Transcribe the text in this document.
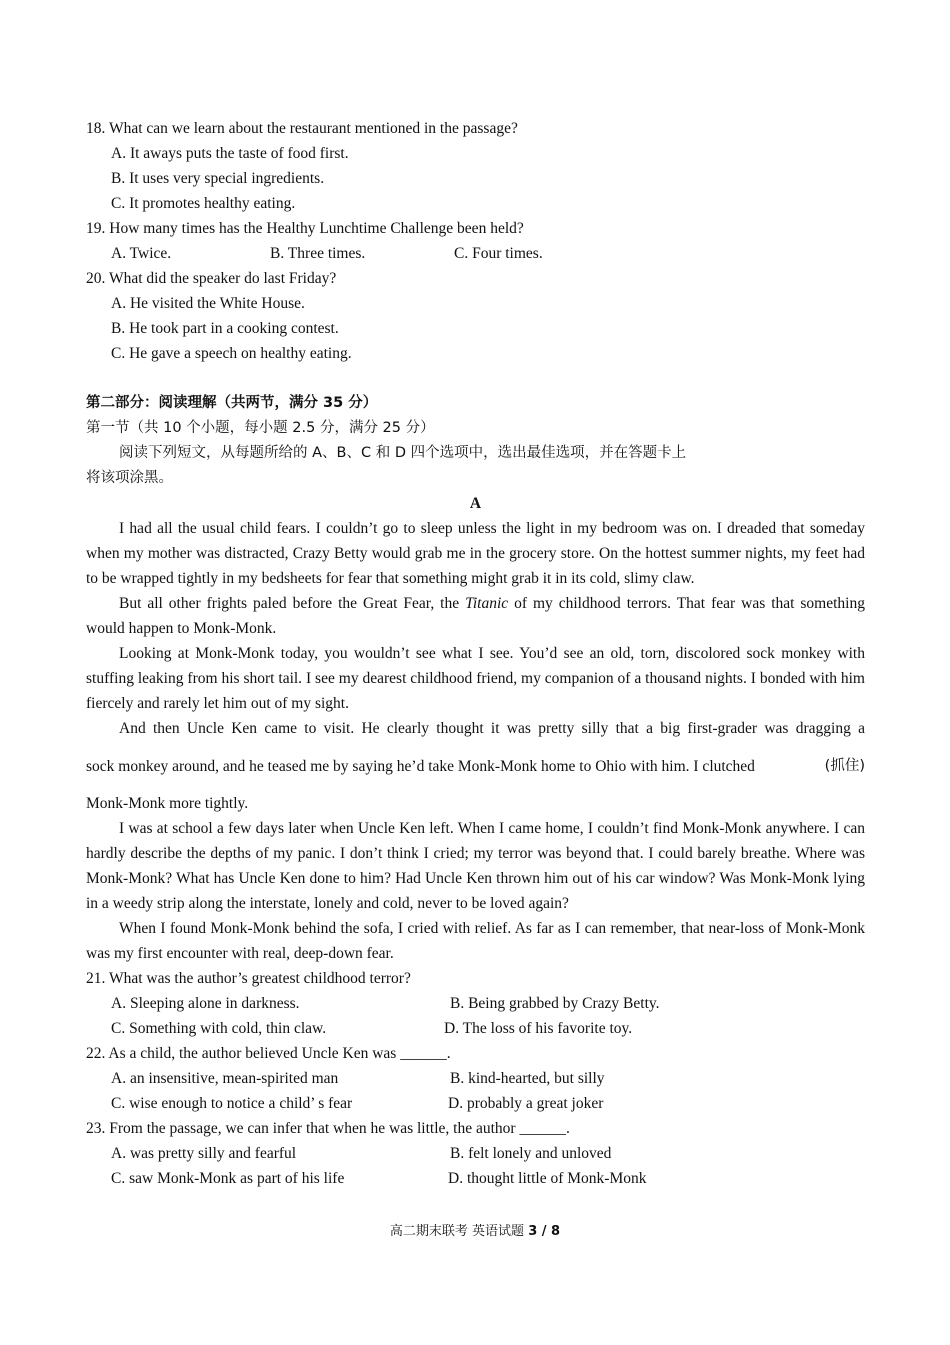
18. What can we learn about the restaurant mentioned in the passage?
A. It aways puts the taste of food first.
B. It uses very special ingredients.
C. It promotes healthy eating.
19. How many times has the Healthy Lunchtime Challenge been held?
A. Twice.	B. Three times.	C. Four times.
20. What did the speaker do last Friday?
A. He visited the White House.
B. He took part in a cooking contest.
C. He gave a speech on healthy eating.
第二部分：阅读理解（共两节，满分 35 分）
第一节（共 10 个小题，每小题 2.5 分，满分 25 分）
阅读下列短文，从每题所给的 A、B、C 和 D 四个选项中，选出最佳选项，并在答题卡上
将该项涂黑。
A
I had all the usual child fears. I couldn’t go to sleep unless the light in my bedroom was on. I dreaded that someday when my mother was distracted, Crazy Betty would grab me in the grocery store. On the hottest summer nights, my feet had to be wrapped tightly in my bedsheets for fear that something might grab it in its cold, slimy claw.
But all other frights paled before the Great Fear, the Titanic of my childhood terrors. That fear was that something would happen to Monk-Monk.
Looking at Monk-Monk today, you wouldn’t see what I see. You’d see an old, torn, discolored sock monkey with stuffing leaking from his short tail. I see my dearest childhood friend, my companion of a thousand nights. I bonded with him fiercely and rarely let him out of my sight.
And then Uncle Ken came to visit. He clearly thought it was pretty silly that a big first-grader was dragging a
sock monkey around, and he teased me by saying he’d take Monk-Monk home to Ohio with him. I clutched	(抓住)
Monk-Monk more tightly.
I was at school a few days later when Uncle Ken left. When I came home, I couldn’t find Monk-Monk anywhere. I can hardly describe the depths of my panic. I don’t think I cried; my terror was beyond that. I could barely breathe. Where was Monk-Monk? What has Uncle Ken done to him? Had Uncle Ken thrown him out of his car window? Was Monk-Monk lying in a weedy strip along the interstate, lonely and cold, never to be loved again?
When I found Monk-Monk behind the sofa, I cried with relief. As far as I can remember, that near-loss of Monk-Monk was my first encounter with real, deep-down fear.
21. What was the author’s greatest childhood terror?
A. Sleeping alone in darkness.	B. Being grabbed by Crazy Betty.
C. Something with cold, thin claw.	D. The loss of his favorite toy.
22. As a child, the author believed Uncle Ken was ______.
A. an insensitive, mean-spirited man	B. kind-hearted, but silly
C. wise enough to notice a child’ s fear	D. probably a great joker
23. From the passage, we can infer that when he was little, the author ______.
A. was pretty silly and fearful	B. felt lonely and unloved
C. saw Monk-Monk as part of his life	D. thought little of Monk-Monk
高二期末联考 英语试题 3 / 8
